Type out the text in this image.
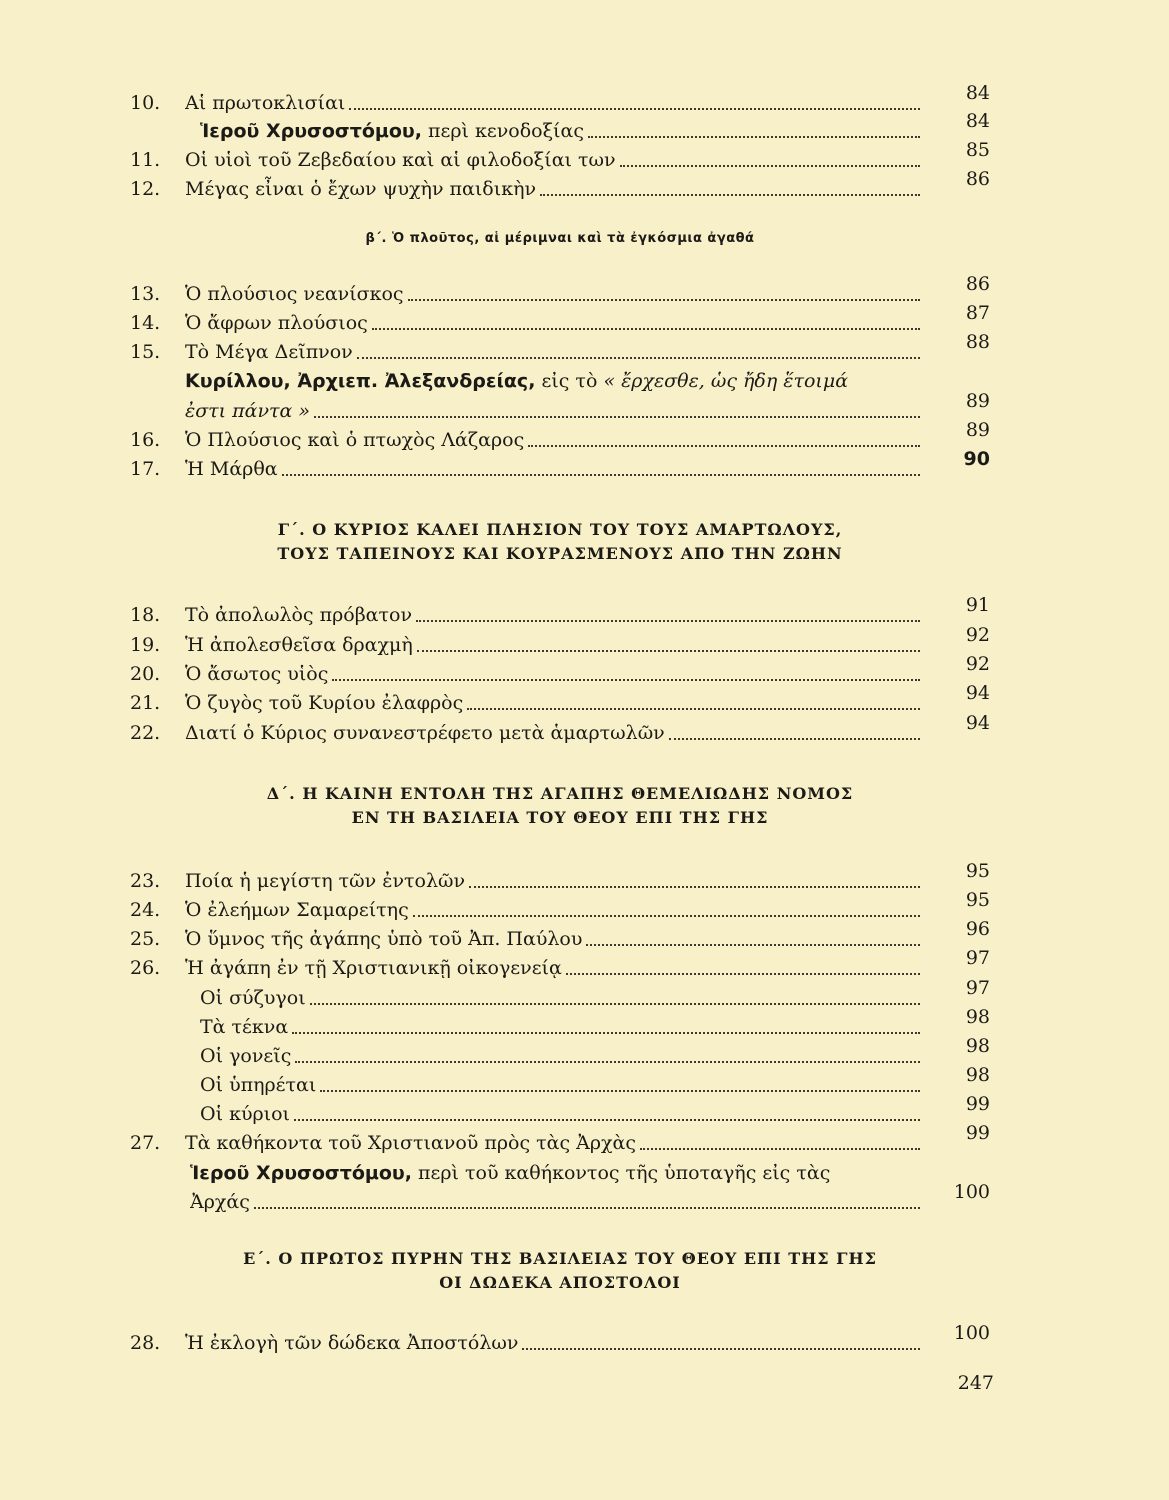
10.	Αἱ πρωτοκλισίαι	84
Ἱεροῦ Χρυσοστόμου, περὶ κενοδοξίας	84
11.	Οἱ υἱοὶ τοῦ Ζεβεδαίου καὶ αἱ φιλοδοξίαι των	85
12.	Μέγας εἶναι ὁ ἔχων ψυχὴν παιδικὴν	86
β΄. Ὁ πλοῦτος, αἱ μέριμναι καὶ τὰ ἐγκόσμια ἀγαθά
13.	Ὁ πλούσιος νεανίσκος	86
14.	Ὁ ἄφρων πλούσιος	87
15.	Τὸ Μέγα Δεῖπνον	88
Κυρίλλου, Ἀρχιεπ. Ἀλεξανδρείας, εἰς τὸ « ἔρχεσθε, ὡς ἤδη ἕτοιμά
ἐστι πάντα »	89
16.	Ὁ Πλούσιος καὶ ὁ πτωχὸς Λάζαρος	89
17.	Ἡ Μάρθα	90
Γ΄. Ο ΚΥΡΙΟΣ ΚΑΛΕΙ ΠΛΗΣΙΟΝ ΤΟΥ ΤΟΥΣ ΑΜΑΡΤΩΛΟΥΣ,
ΤΟΥΣ ΤΑΠΕΙΝΟΥΣ ΚΑΙ ΚΟΥΡΑΣΜΕΝΟΥΣ ΑΠΟ ΤΗΝ ΖΩΗΝ
18.	Τὸ ἀπολωλὸς πρόβατον	91
19.	Ἡ ἀπολεσθεῖσα δραχμὴ	92
20.	Ὁ ἄσωτος υἱὸς	92
21.	Ὁ ζυγὸς τοῦ Κυρίου ἐλαφρὸς	94
22.	Διατί ὁ Κύριος συνανεστρέφετο μετὰ ἁμαρτωλῶν	94
Δ΄. Η ΚΑΙΝΗ ΕΝΤΟΛΗ ΤΗΣ ΑΓΑΠΗΣ ΘΕΜΕΛΙΩΔΗΣ ΝΟΜΟΣ
ΕΝ ΤΗ ΒΑΣΙΛΕΙΑ ΤΟΥ ΘΕΟΥ ΕΠΙ ΤΗΣ ΓΗΣ
23.	Ποία ἡ μεγίστη τῶν ἐντολῶν	95
24.	Ὁ ἐλεήμων Σαμαρείτης	95
25.	Ὁ ὕμνος τῆς ἀγάπης ὑπὸ τοῦ Ἀπ. Παύλου	96
26.	Ἡ ἀγάπη ἐν τῇ Χριστιανικῇ οἰκογενείᾳ	97
Οἱ σύζυγοι	97
Τὰ τέκνα	98
Οἱ γονεῖς	98
Οἱ ὑπηρέται	98
Οἱ κύριοι	99
27.	Τὰ καθήκοντα τοῦ Χριστιανοῦ πρὸς τὰς Ἀρχὰς	99
Ἱεροῦ Χρυσοστόμου, περὶ τοῦ καθήκοντος τῆς ὑποταγῆς εἰς τὰς
Ἀρχάς	100
Ε΄. Ο ΠΡΩΤΟΣ ΠΥΡΗΝ ΤΗΣ ΒΑΣΙΛΕΙΑΣ ΤΟΥ ΘΕΟΥ ΕΠΙ ΤΗΣ ΓΗΣ
ΟΙ ΔΩΔΕΚΑ ΑΠΟΣΤΟΛΟΙ
28.	Ἡ ἐκλογὴ τῶν δώδεκα Ἀποστόλων	100
247
